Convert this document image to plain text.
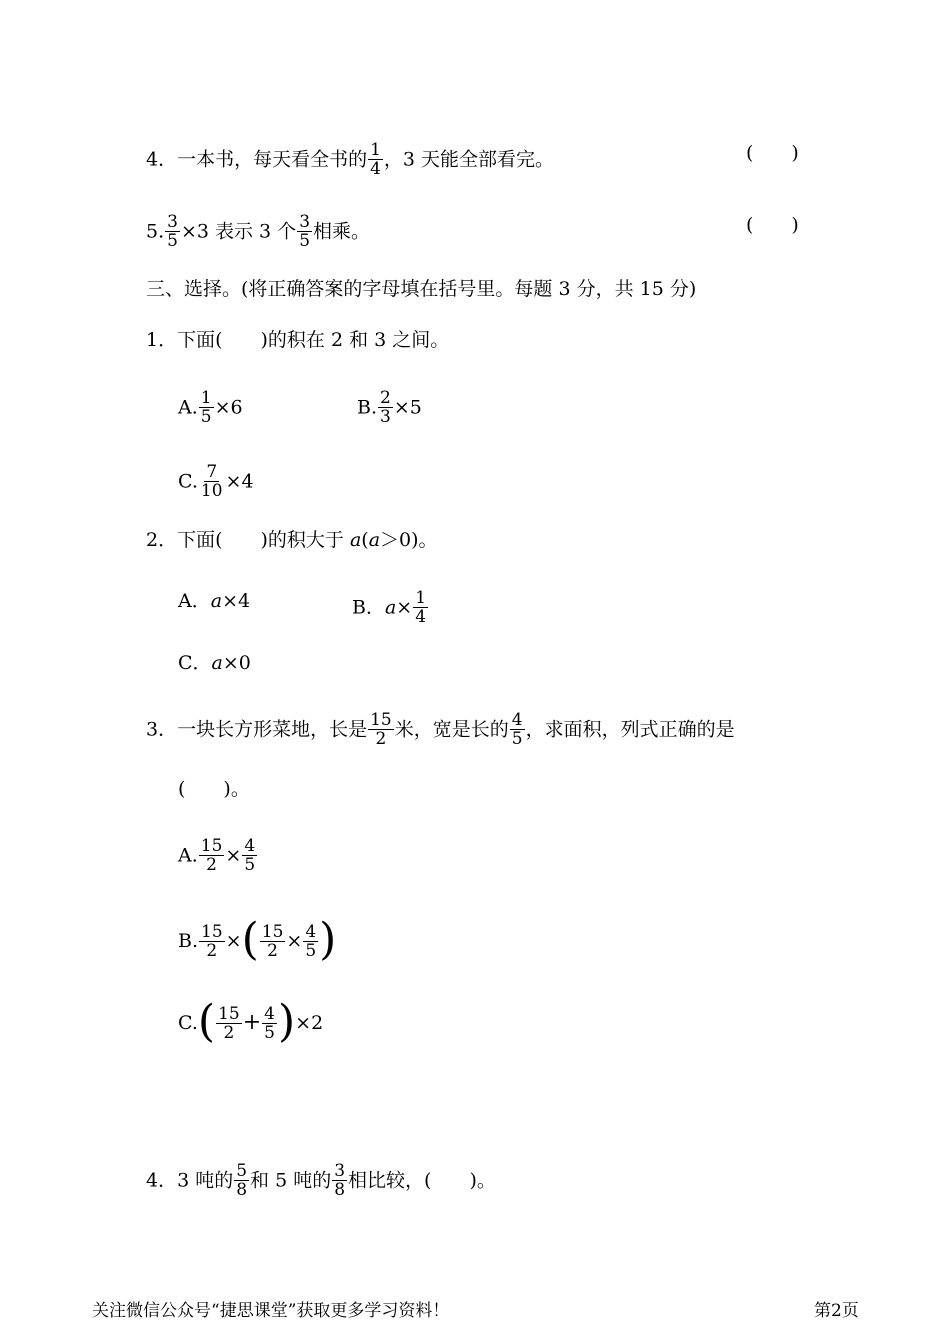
4．一本书，每天看全书的 $\frac{1}{4}$ ，3 天能全部看完。	(　　)
5. $\frac{3}{5} \times 3$ 表示 3 个 $\frac{3}{5}$ 相乘。	(　　)
三、选择。(将正确答案的字母填在括号里。每题 3 分，共 15 分)
1．下面(　　)的积在 2 和 3 之间。
A. $\frac{1}{5} \times 6$	B. $\frac{2}{3} \times 5$
C. $\frac{7}{10} \times 4$
2．下面(　　)的积大于 a(a＞0)。
A．a×4	B．$a\times \frac{1}{4}$
C．a×0
3．一块长方形菜地，长是 $\frac{15}{2}$ 米，宽是长的 $\frac{4}{5}$ ，求面积，列式正确的是
(　　)。
A. $\frac{15}{2} \times \frac{4}{5}$
B. $\frac{15}{2}$ ×( $\frac{15}{2} \times \frac{4}{5}$ )
$C.( \frac{15}{2} + \frac{4}{5} )\times 2$
4．3 吨的 $\frac{5}{8}$ 和 5 吨的 $\frac{3}{8}$ 相比较，(　　)。
关注微信公众号“捷思课堂”获取更多学习资料！	第2页
